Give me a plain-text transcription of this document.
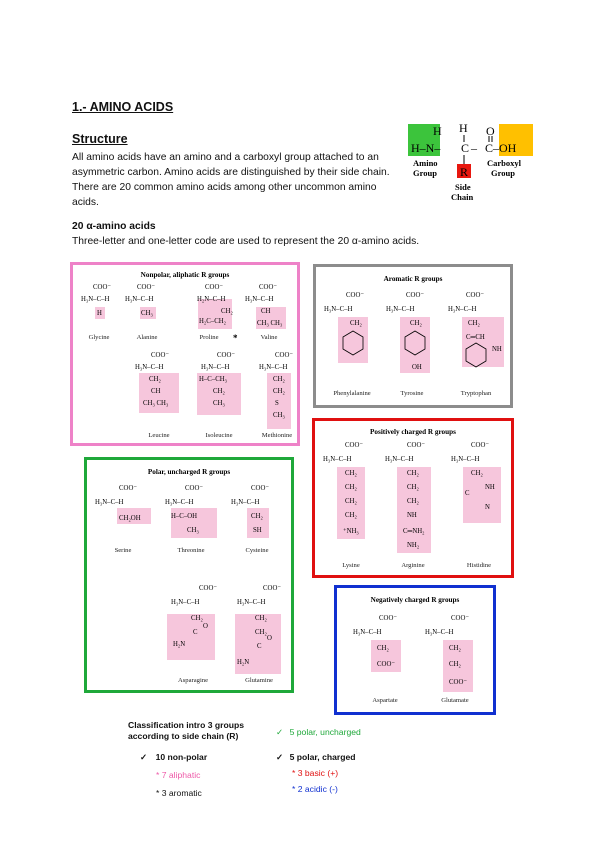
1.- AMINO ACIDS
Structure
All amino acids have an amino and a carboxyl group attached to an asymmetric carbon. Amino acids are distinguished by their side chain. There are 20 common amino acids among other uncommon amino acids.
20 α-amino acids
Three-letter and one-letter code are used to represent the 20 α-amino acids.
H
H–N–
H
C – C–OH
O
R
Amino Group
Carboxyl Group
Side Chain
Nonpolar, aliphatic R groups
COO⁻
H₃N–C–H
H
COO⁻
H₃N–C–H
CH₃
COO⁻
H₂N–C–H
CH₂
H₂C–CH₂
COO⁻
H₃N–C–H
CH
CH₃ CH₃
COO⁻
H₃N–C–H
CH₂
CH
CH₃ CH₃
COO⁻
H₃N–C–H
H–C–CH₃
CH₂
CH₃
COO⁻
H₃N–C–H
CH₂
CH₂
S
CH₃
*
Glycine	Alanine	Proline	Valine
Leucine	Isoleucine	Methionine
Aromatic R groups
COO⁻
H₃N–C–H
CH₂
COO⁻
H₃N–C–H
CH₂
OH
COO⁻
H₃N–C–H
CH₂
C═CH
NH
Phenylalanine	Tyrosine	Tryptophan
Positively charged R groups
COO⁻
H₃N–C–H
CH₂
CH₂
CH₂
CH₂
⁺NH₃
COO⁻
H₃N–C–H
CH₂
CH₂
CH₂
NH
C═NH₂
NH₂
COO⁻
H₃N–C–H
CH₂
NH
C
N
Lysine	Arginine	Histidine
Polar, uncharged R groups
COO⁻
H₃N–C–H
CH₂OH
COO⁻
H₃N–C–H
H–C–OH
CH₃
COO⁻
H₃N–C–H
CH₂
SH
COO⁻
H₃N–C–H
CH₂
C
H₂N
O
COO⁻
H₃N–C–H
CH₂
CH₂
C
H₂N
O
Serine	Threonine	Cysteine
Asparagine	Glutamine
Negatively charged R groups
COO⁻
H₃N–C–H
CH₂
COO⁻
COO⁻
H₃N–C–H
CH₂
CH₂
COO⁻
Aspartate	Glutamate
Classification intro 3 groups according to side chain (R)
✓ 10 non-polar
* 7 aliphatic
* 3 aromatic
✓ 5 polar, uncharged
✓ 5 polar, charged
* 3 basic (+)
* 2 acidic (-)
